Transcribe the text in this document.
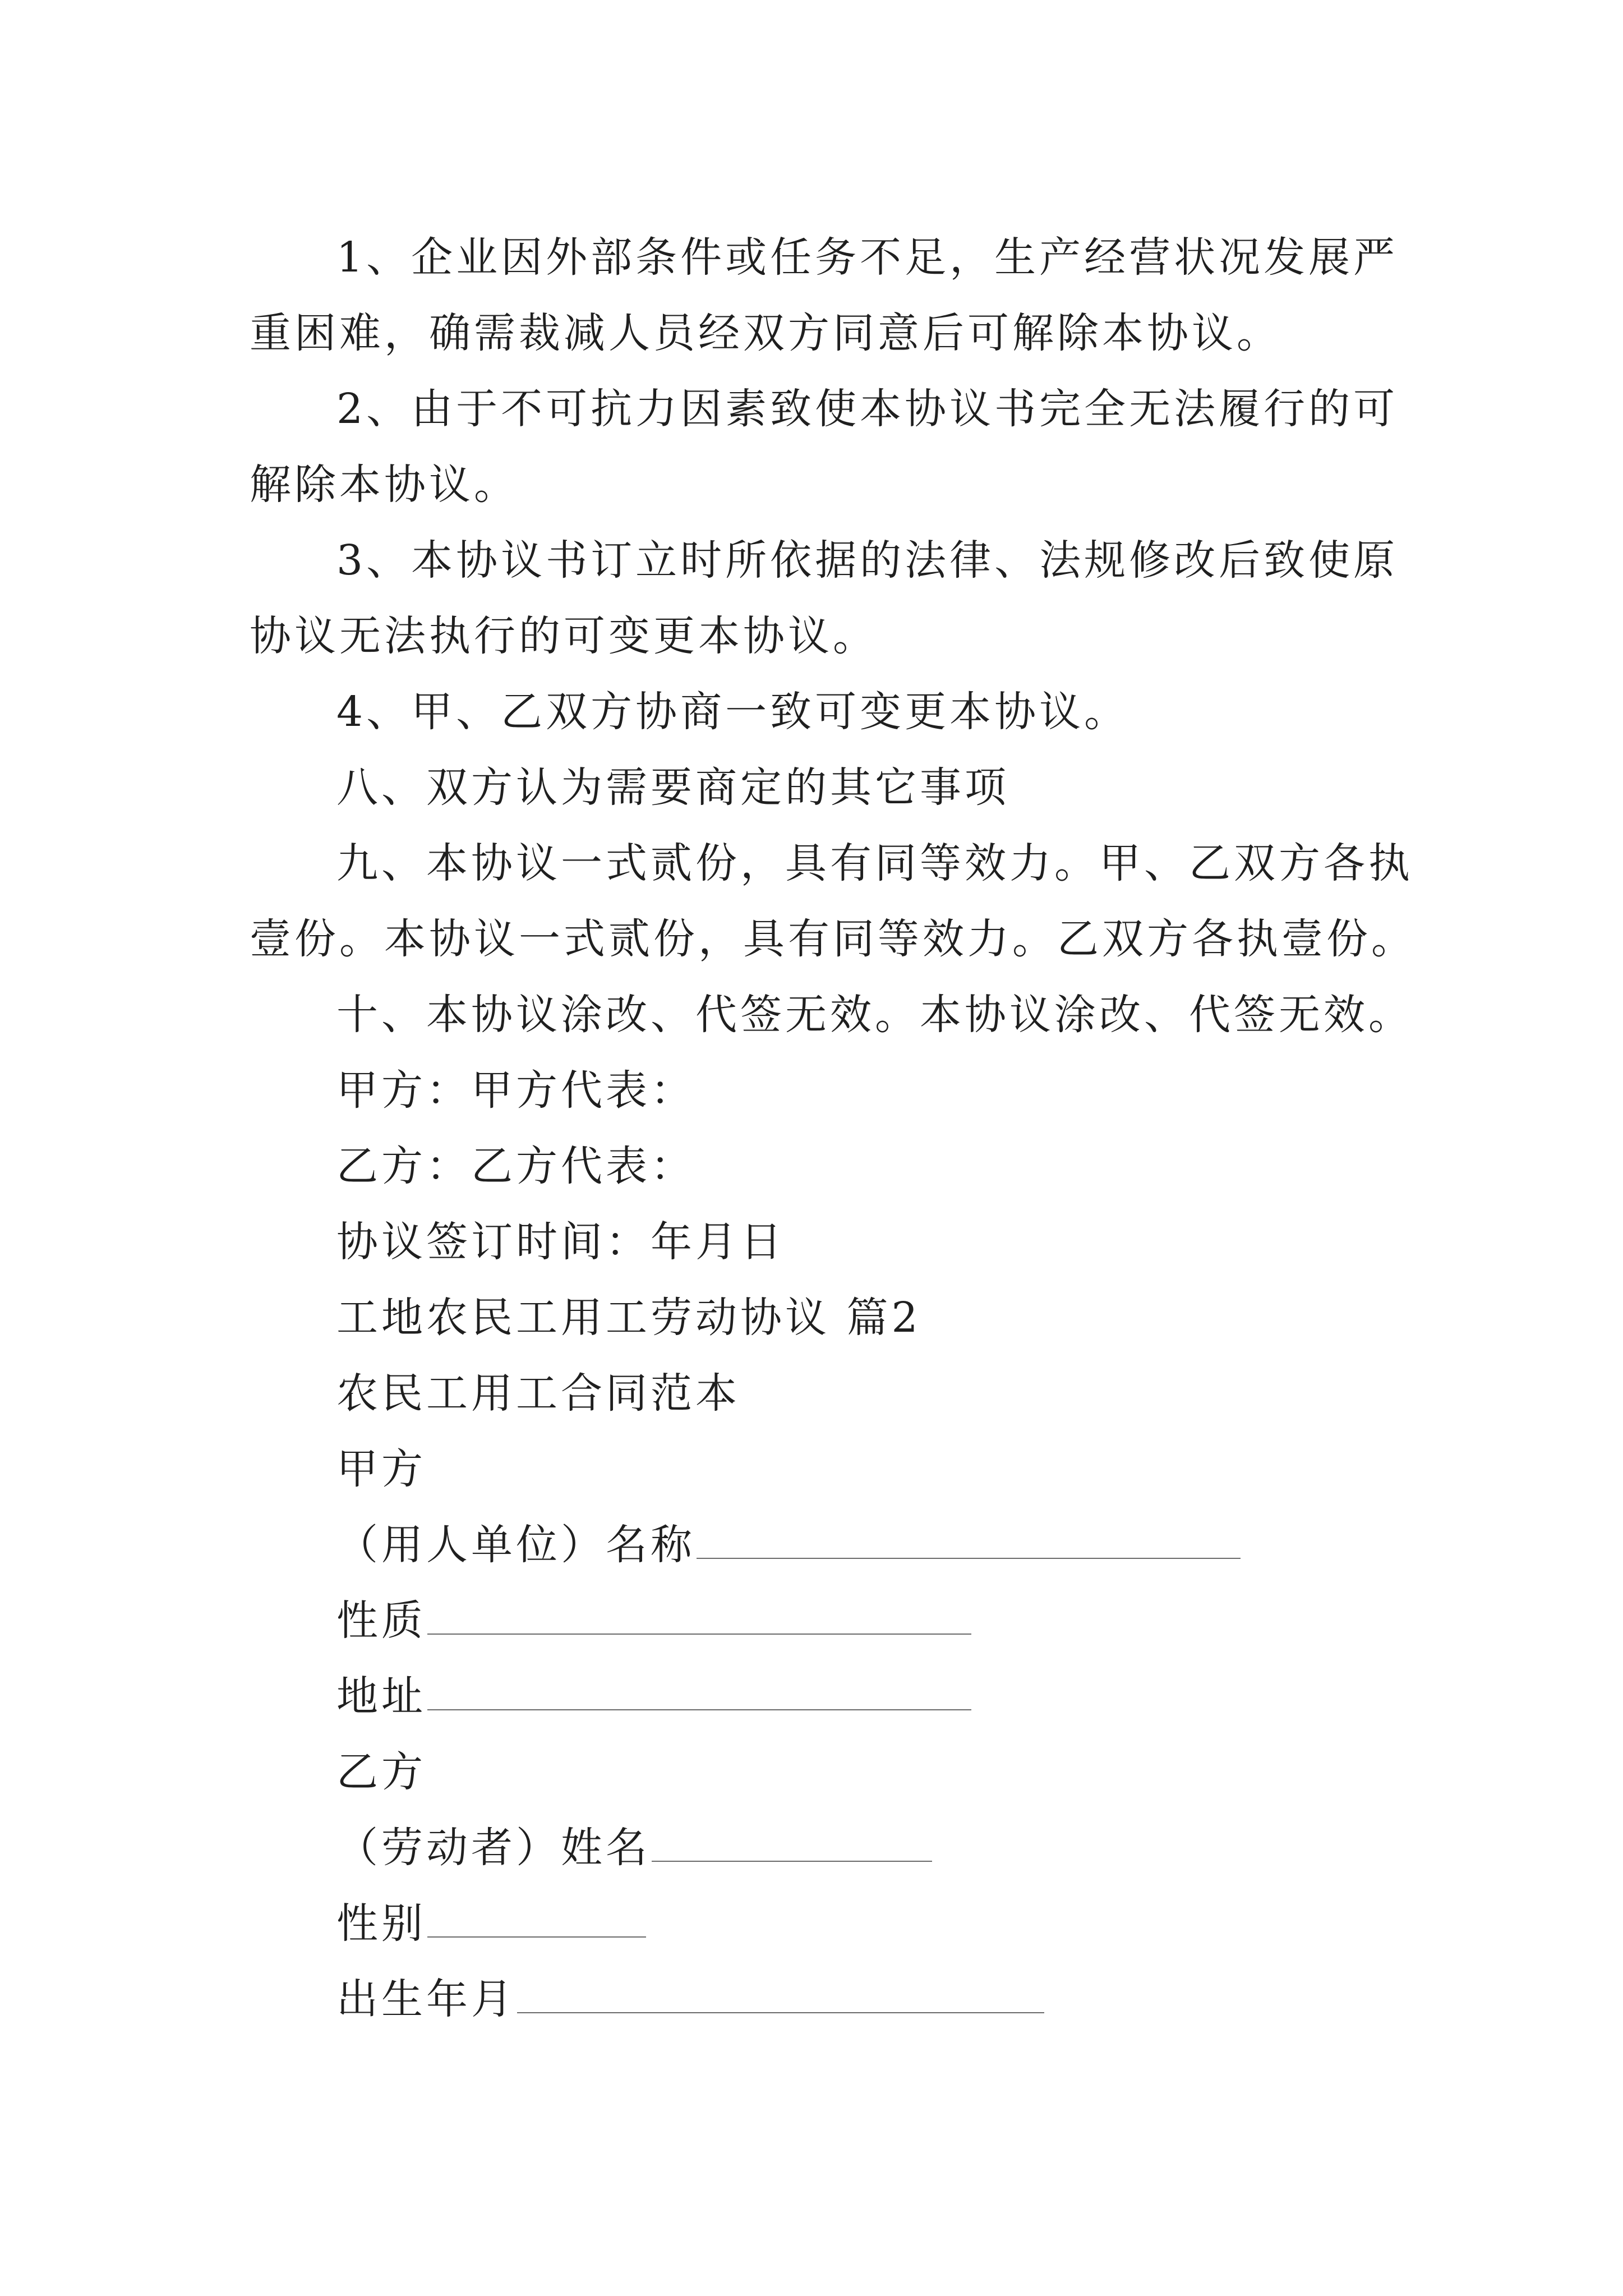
1、企业因外部条件或任务不足，生产经营状况发展严
重困难，确需裁减人员经双方同意后可解除本协议。
2、由于不可抗力因素致使本协议书完全无法履行的可
解除本协议。
3、本协议书订立时所依据的法律、法规修改后致使原
协议无法执行的可变更本协议。
4、甲、乙双方协商一致可变更本协议。
八、双方认为需要商定的其它事项
九、本协议一式贰份，具有同等效力。甲、乙双方各执
壹份。本协议一式贰份，具有同等效力。乙双方各执壹份。
十、本协议涂改、代签无效。本协议涂改、代签无效。
甲方：甲方代表：
乙方：乙方代表：
协议签订时间：年月日
工地农民工用工劳动协议 篇2
农民工用工合同范本
甲方
（用人单位）名称
性质
地址
乙方
（劳动者）姓名
性别
出生年月
